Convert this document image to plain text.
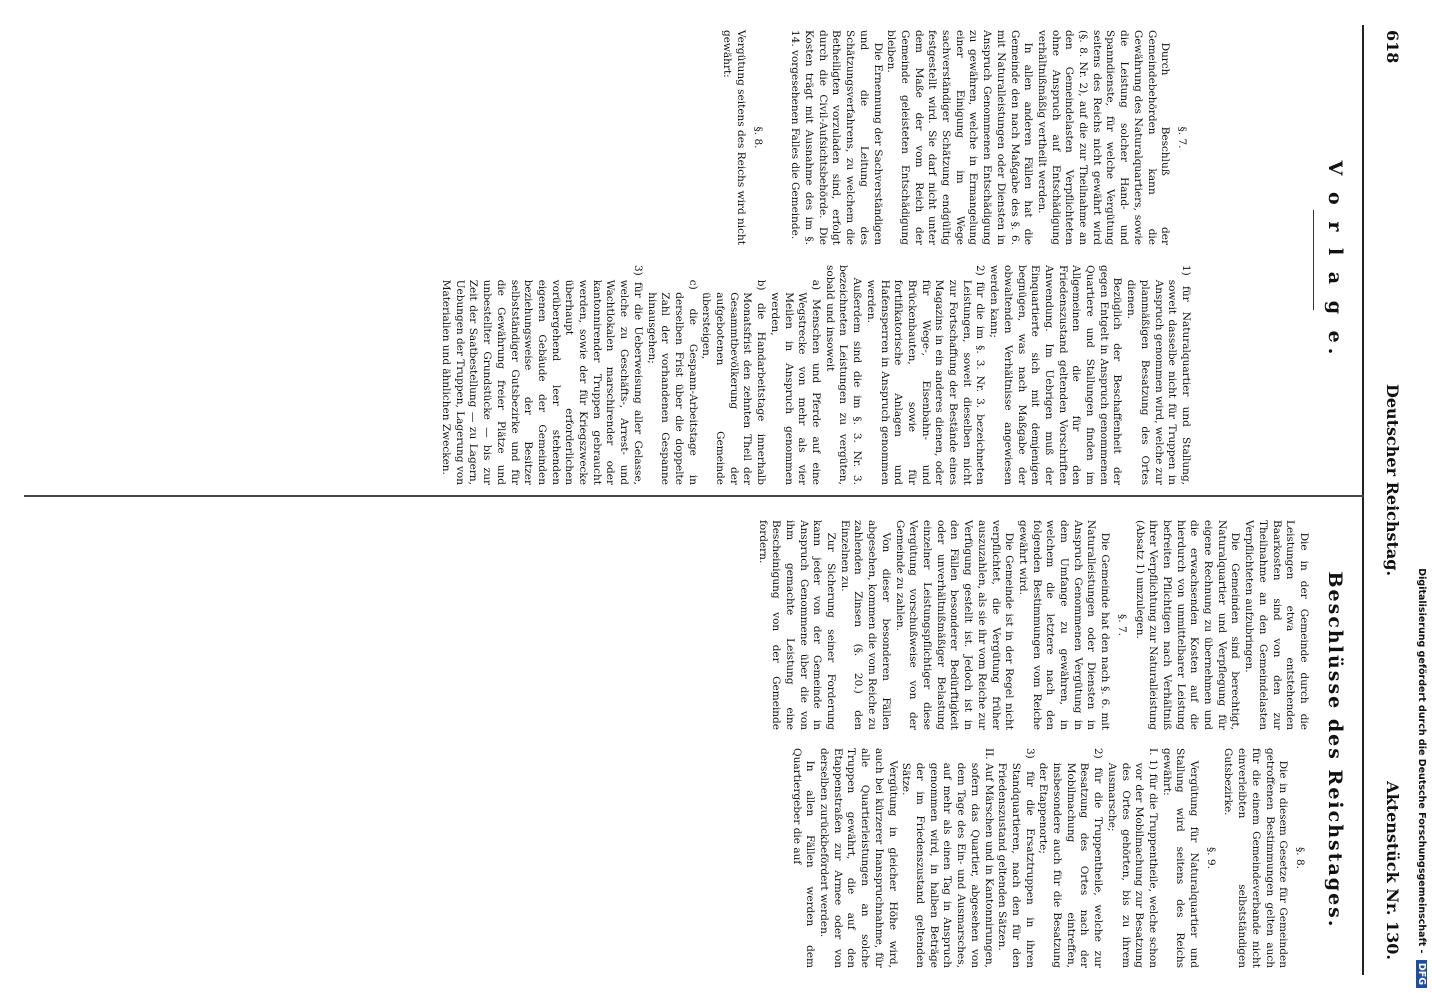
618
Deutscher Reichstag.
Aktenstück Nr. 130.
V o r l a g e.
§. 7.

Durch Beschluß der Gemeindebehörden kann die Gewährung des Naturalquartiers, sowie die Leistung solcher Hand- und Spanndienste, für welche Vergütung seitens des Reichs nicht gewährt wird (§. 8. Nr. 2), auf die zur Theilnahme an den Gemeindelasten Verpflichteten ohne Anspruch auf Entschädigung verhältnißmäßig vertheilt werden.

In allen anderen Fällen hat die Gemeinde den nach Maßgabe des §. 6. mit Naturalleistungen oder Diensten in Anspruch Genommenen Entschädigung zu gewähren, welche in Ermangelung einer Einigung im Wege sachverständiger Schätzung endgültig festgestellt wird. Sie darf nicht unter dem Maße der vom Reich der Gemeinde geleisteten Entschädigung bleiben.

Die Ernennung der Sachverständigen und die Leitung des Schätzungsverfahrens, zu welchem die Betheiligten vorzuladen sind, erfolgt durch die Civil-Aufsichtsbehörde. Die Kosten trägt mit Ausnahme des im §. 14. vorgesehenen Falles die Gemeinde.

§. 8.

Vergütung seitens des Reichs wird nicht gewährt:

1) für Naturalquartier und Stallung, soweit dasselbe nicht für Truppen in Anspruch genommen wird, welche zur planmäßigen Besatzung des Ortes dienen.

Bezüglich der Beschaffenheit der gegen Entgelt in Anspruch genommenen Quartiere und Stallungen finden im Allgemeinen die für den Friedenszustand geltenden Vorschriften Anwendung. Im Uebrigen muß der Einquartierte sich mit demjenigen begnügen, was nach Maßgabe der obwaltenden Verhältnisse angewiesen werden kann;

2) für die im §. 3. Nr. 3. bezeichneten Leistungen, soweit dieselben nicht zur Fortschaffung der Bestände eines Magazins in ein anderes dienen, oder für Wege-, Eisenbahn- und Brückenbauten, sowie für fortifikatorische Anlagen und Hafensperren in Anspruch genommen werden.

Außerdem sind die im §. 3. Nr. 3. bezeichneten Leistungen zu vergüten, sobald und insoweit

a) Menschen und Pferde auf eine Wegstrecke von mehr als vier Meilen in Anspruch genommen werden,

b) die Handarbeitstage innerhalb Monatsfrist den zehnten Theil der Gesammtbevölkerung der aufgebotenen Gemeinde übersteigen,

c) die Gespann-Arbeitstage in derselben Frist über die doppelte Zahl der vorhandenen Gespanne hinausgehen;

3) für die Ueberweisung aller Gelasse, welche zu Geschäfts-, Arrest- und Wachtlokalen marschirender oder kantonnirender Truppen gebraucht werden, sowie der für Kriegszwecke überhaupt erforderlichen vorübergehend leer stehenden eigenen Gebäude der Gemeinden beziehungsweise der Besitzer selbstständiger Gutsbezirke und für die Gewährung freier Plätze und unbestellter Grundstücke — bis zur Zeit der Saatbestellung — zu Lagern, Uebungen der Truppen, Lagerung von Materialien und ähnlichen Zwecken.

Beschlüsse des Reichstages.

Die in der Gemeinde durch die Leistungen etwa entstehenden Baarkosten sind von den zur Theilnahme an den Gemeindelasten Verpflichteten aufzubringen.

Die Gemeinden sind berechtigt, Naturalquartier und Verpflegung für eigene Rechnung zu übernehmen und die erwachsenden Kosten auf die hierdurch von unmittelbarer Leistung befreiten Pflichtigen nach Verhältniß ihrer Verpflichtung zur Naturalleistung (Absatz 1) umzulegen.

§. 7.

Die Gemeinde hat den nach §. 6. mit Naturalleistungen oder Diensten in Anspruch Genommenen Vergütung in dem Umfange zu gewähren, in welchem die letztere nach den folgenden Bestimmungen vom Reiche gewährt wird.

Die Gemeinde ist in der Regel nicht verpflichtet, die Vergütung früher auszuzahlen, als sie ihr vom Reiche zur Verfügung gestellt ist. Jedoch ist in den Fällen besonderer Bedürftigkeit oder unverhältnißmäßiger Belastung einzelner Leistungspflichtiger diese Vergütung vorschußweise von der Gemeinde zu zahlen.

Von dieser besonderen Fällen abgesehen, kommen die vom Reiche zu zahlenden Zinsen (§. 20.) den Einzelnen zu.

Zur Sicherung seiner Forderung kann jeder von der Gemeinde in Anspruch Genommene über die von ihm gemachte Leistung eine Bescheinigung von der Gemeinde fordern.

§. 8.

Die in diesem Gesetze für Gemeinden getroffenen Bestimmungen gelten auch für die einem Gemeindeverbande nicht einverleibten selbstständigen Gutsbezirke.

§. 9.

Vergütung für Naturalquartier und Stallung wird seitens des Reichs gewährt:

I. 1) für die Truppentheile, welche schon vor der Mobilmachung zur Besatzung des Ortes gehörten, bis zu ihrem Ausmarsche;

2) für die Truppentheile, welche zur Besatzung des Ortes nach der Mobilmachung eintreffen, insbesondere auch für die Besatzung der Etappenorte;

3) für die Ersatztruppen in ihren Standquartieren, nach den für den Friedenszustand geltenden Sätzen.

II. Auf Märschen und in Kantonnirungen, sofern das Quartier, abgesehen von dem Tage des Ein- und Ausmarsches, auf mehr als einen Tag in Anspruch genommen wird, in halben Beträge der im Friedenszustand geltenden Sätze.

Vergütung in gleicher Höhe wird, auch bei kürzerer Inanspruchnahme, für alle Quartierleistungen an solche Truppen gewährt, die auf den Etappenstraßen zur Armee oder von derselben zurückbefördert werden.

In allen Fällen werden dem Quartiergeber die auf	Digitalisierung gefördert durch die Deutsche Forschungsgemeinschaft - DFG
